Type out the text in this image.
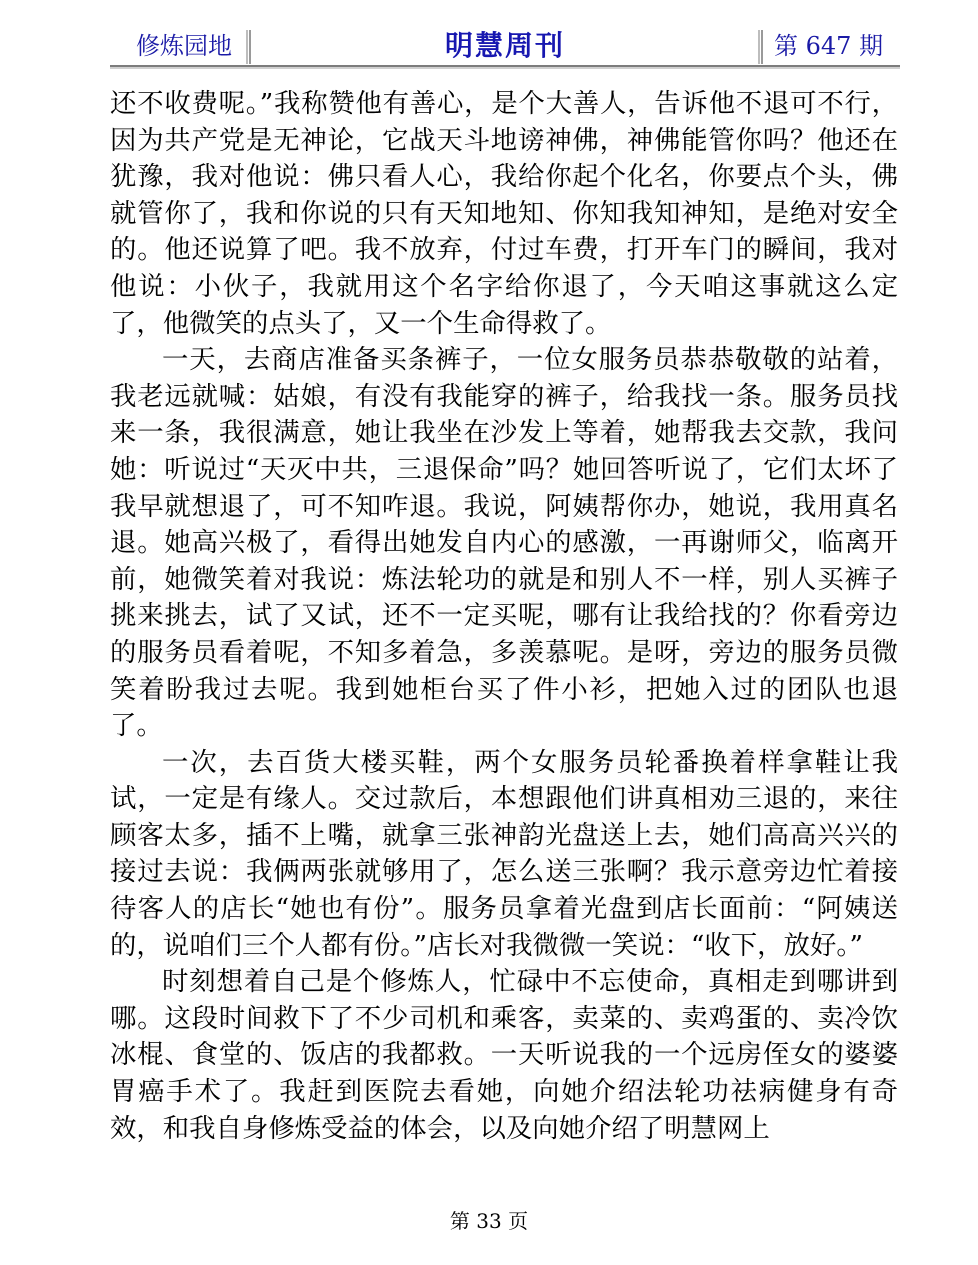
修炼园地	明慧周刊	第 647 期

还不收费呢。”我称赞他有善心，是个大善人，告诉他不退可不行，因为共产党是无神论，它战天斗地谤神佛，神佛能管你吗？他还在犹豫，我对他说：佛只看人心，我给你起个化名，你要点个头，佛就管你了，我和你说的只有天知地知、你知我知神知，是绝对安全的。他还说算了吧。我不放弃，付过车费，打开车门的瞬间，我对他说：小伙子，我就用这个名字给你退了，今天咱这事就这么定了，他微笑的点头了，又一个生命得救了。

一天，去商店准备买条裤子，一位女服务员恭恭敬敬的站着，我老远就喊：姑娘，有没有我能穿的裤子，给我找一条。服务员找来一条，我很满意，她让我坐在沙发上等着，她帮我去交款，我问她：听说过“天灭中共，三退保命”吗？她回答听说了，它们太坏了我早就想退了，可不知咋退。我说，阿姨帮你办，她说，我用真名退。她高兴极了，看得出她发自内心的感激，一再谢师父，临离开前，她微笑着对我说：炼法轮功的就是和别人不一样，别人买裤子挑来挑去，试了又试，还不一定买呢，哪有让我给找的？你看旁边的服务员看着呢，不知多着急，多羡慕呢。是呀，旁边的服务员微笑着盼我过去呢。我到她柜台买了件小衫，把她入过的团队也退了。

一次，去百货大楼买鞋，两个女服务员轮番换着样拿鞋让我试，一定是有缘人。交过款后，本想跟他们讲真相劝三退的，来往顾客太多，插不上嘴，就拿三张神韵光盘送上去，她们高高兴兴的接过去说：我俩两张就够用了，怎么送三张啊？我示意旁边忙着接待客人的店长“她也有份”。服务员拿着光盘到店长面前：“阿姨送的，说咱们三个人都有份。”店长对我微微一笑说：“收下，放好。”

时刻想着自己是个修炼人，忙碌中不忘使命，真相走到哪讲到哪。这段时间救下了不少司机和乘客，卖菜的、卖鸡蛋的、卖冷饮冰棍、食堂的、饭店的我都救。一天听说我的一个远房侄女的婆婆胃癌手术了。我赶到医院去看她，向她介绍法轮功祛病健身有奇效，和我自身修炼受益的体会，以及向她介绍了明慧网上

第 33 页
